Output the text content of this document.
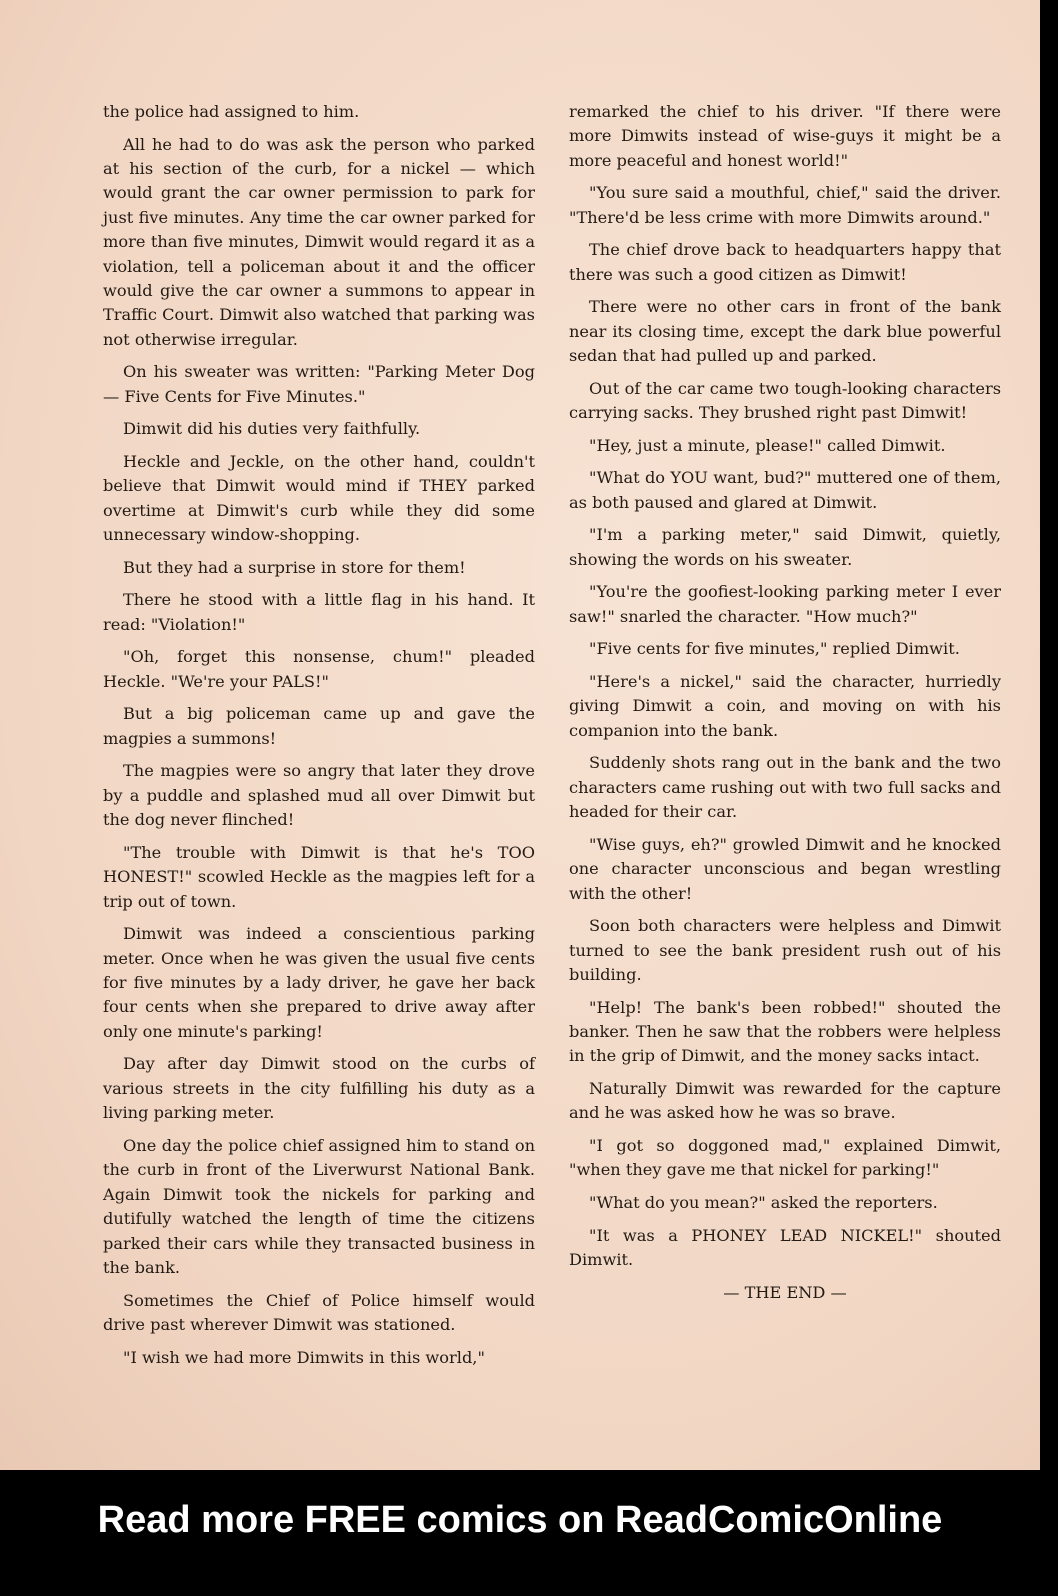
the police had assigned to him.

All he had to do was ask the person who parked at his section of the curb, for a nickel — which would grant the car owner permission to park for just five minutes. Any time the car owner parked for more than five minutes, Dimwit would regard it as a violation, tell a policeman about it and the officer would give the car owner a summons to appear in Traffic Court. Dimwit also watched that parking was not otherwise irregular.

On his sweater was written: "Parking Meter Dog — Five Cents for Five Minutes."

Dimwit did his duties very faithfully.

Heckle and Jeckle, on the other hand, couldn't believe that Dimwit would mind if THEY parked overtime at Dimwit's curb while they did some unnecessary window-shopping.

But they had a surprise in store for them!

There he stood with a little flag in his hand. It read: "Violation!"

"Oh, forget this nonsense, chum!" pleaded Heckle. "We're your PALS!"

But a big policeman came up and gave the magpies a summons!

The magpies were so angry that later they drove by a puddle and splashed mud all over Dimwit but the dog never flinched!

"The trouble with Dimwit is that he's TOO HONEST!" scowled Heckle as the magpies left for a trip out of town.

Dimwit was indeed a conscientious parking meter. Once when he was given the usual five cents for five minutes by a lady driver, he gave her back four cents when she prepared to drive away after only one minute's parking!

Day after day Dimwit stood on the curbs of various streets in the city fulfilling his duty as a living parking meter.

One day the police chief assigned him to stand on the curb in front of the Liverwurst National Bank. Again Dimwit took the nickels for parking and dutifully watched the length of time the citizens parked their cars while they transacted business in the bank.

Sometimes the Chief of Police himself would drive past wherever Dimwit was stationed.

"I wish we had more Dimwits in this world,"

remarked the chief to his driver. "If there were more Dimwits instead of wise-guys it might be a more peaceful and honest world!"

"You sure said a mouthful, chief," said the driver. "There'd be less crime with more Dimwits around."

The chief drove back to headquarters happy that there was such a good citizen as Dimwit!

There were no other cars in front of the bank near its closing time, except the dark blue powerful sedan that had pulled up and parked.

Out of the car came two tough-looking characters carrying sacks. They brushed right past Dimwit!

"Hey, just a minute, please!" called Dimwit.

"What do YOU want, bud?" muttered one of them, as both paused and glared at Dimwit.

"I'm a parking meter," said Dimwit, quietly, showing the words on his sweater.

"You're the goofiest-looking parking meter I ever saw!" snarled the character. "How much?"

"Five cents for five minutes," replied Dimwit.

"Here's a nickel," said the character, hurriedly giving Dimwit a coin, and moving on with his companion into the bank.

Suddenly shots rang out in the bank and the two characters came rushing out with two full sacks and headed for their car.

"Wise guys, eh?" growled Dimwit and he knocked one character unconscious and began wrestling with the other!

Soon both characters were helpless and Dimwit turned to see the bank president rush out of his building.

"Help! The bank's been robbed!" shouted the banker. Then he saw that the robbers were helpless in the grip of Dimwit, and the money sacks intact.

Naturally Dimwit was rewarded for the capture and he was asked how he was so brave.

"I got so doggoned mad," explained Dimwit, "when they gave me that nickel for parking!"

"What do you mean?" asked the reporters.

"It was a PHONEY LEAD NICKEL!" shouted Dimwit.

— THE END —

Read more FREE comics on ReadComicOnline
